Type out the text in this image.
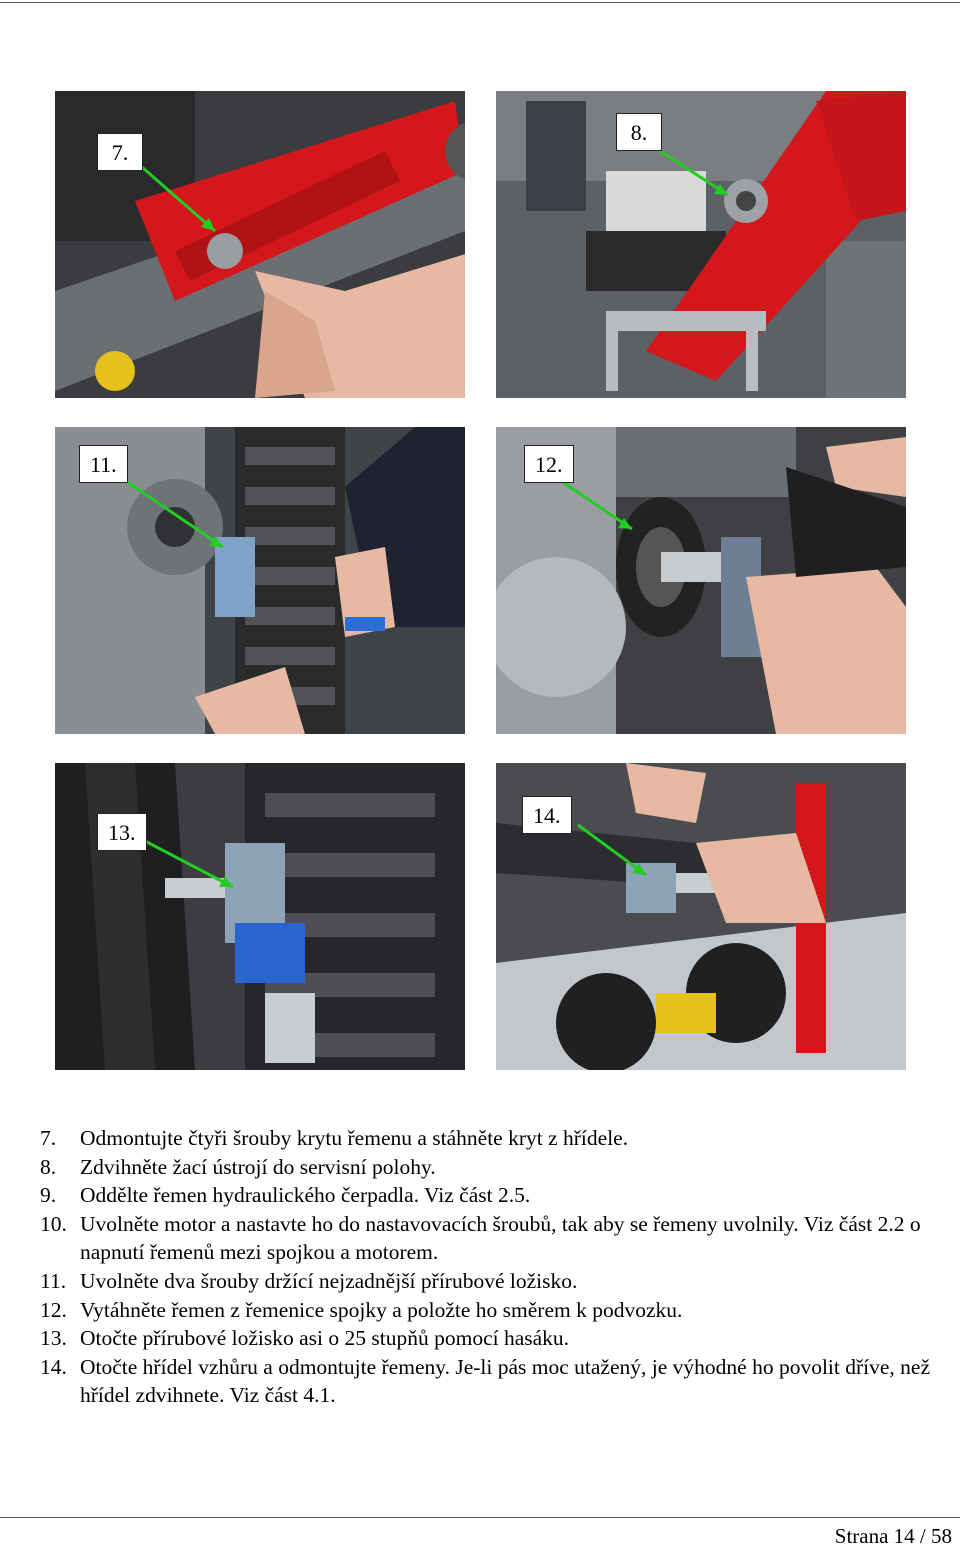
7.
8.
11.	12.
13.
14.
7.	Odmontujte čtyři šrouby krytu řemenu a stáhněte kryt z hřídele.
8.	Zdvihněte žací ústrojí do servisní polohy.
9.	Oddělte řemen hydraulického čerpadla. Viz část 2.5.
10. Uvolněte motor a nastavte ho do nastavovacích šroubů, tak aby se řemeny uvolnily. Viz část 2.2 o napnutí řemenů mezi spojkou a motorem.
11. Uvolněte dva šrouby držící nejzadnější přírubové ložisko.
12. Vytáhněte řemen z řemenice spojky a položte ho směrem k podvozku.
13. Otočte přírubové ložisko asi o 25 stupňů pomocí hasáku.
14. Otočte hřídel vzhůru a odmontujte řemeny. Je-li pás moc utažený, je výhodné ho povolit dříve, než hřídel zdvihnete. Viz část 4.1.
Strana 14 / 58
